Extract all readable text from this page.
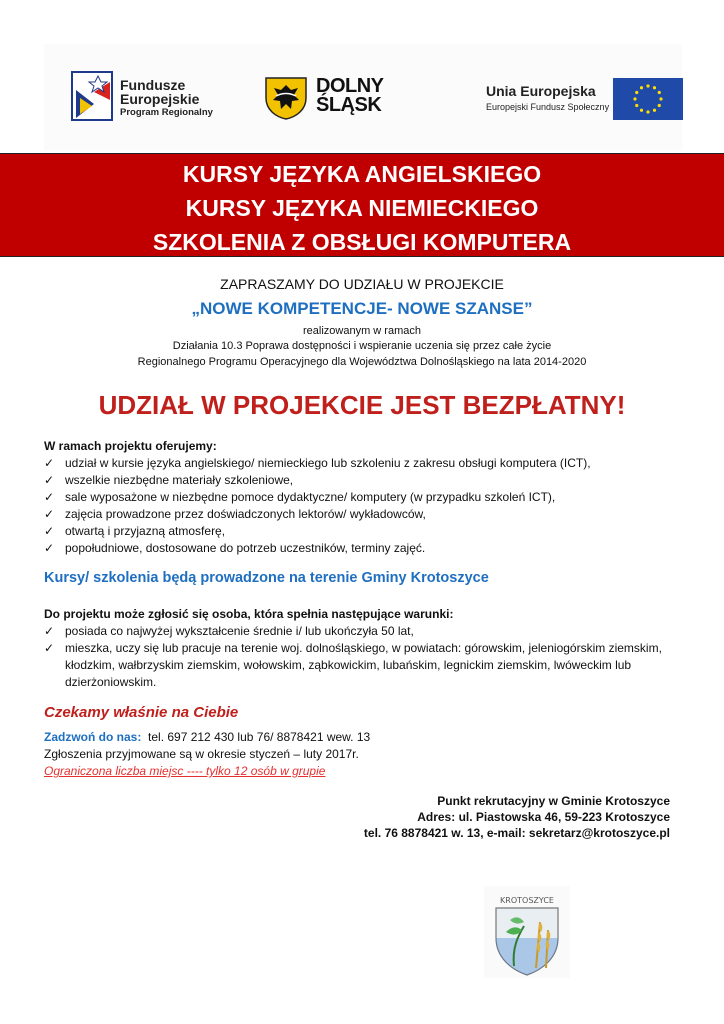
Fundusze
Europejskie
Program Regionalny
DOLNY
ŚLĄSK
Unia Europejska
Europejski Fundusz Społeczny
KURSY JĘZYKA ANGIELSKIEGO
KURSY JĘZYKA NIEMIECKIEGO
SZKOLENIA Z OBSŁUGI KOMPUTERA
ZAPRASZAMY DO UDZIAŁU W PROJEKCIE
„NOWE KOMPETENCJE- NOWE SZANSE”
realizowanym w ramach
Działania 10.3 Poprawa dostępności i wspieranie uczenia się przez całe życie
Regionalnego Programu Operacyjnego dla Województwa Dolnośląskiego na lata 2014-2020
UDZIAŁ W PROJEKCIE JEST BEZPŁATNY!
W ramach projektu oferujemy:
✓ udział w kursie języka angielskiego/ niemieckiego lub szkoleniu z zakresu obsługi komputera (ICT),
✓ wszelkie niezbędne materiały szkoleniowe,
✓ sale wyposażone w niezbędne pomoce dydaktyczne/ komputery (w przypadku szkoleń ICT),
✓ zajęcia prowadzone przez doświadczonych lektorów/ wykładowców,
✓ otwartą i przyjazną atmosferę,
✓ popołudniowe, dostosowane do potrzeb uczestników, terminy zajęć.
Kursy/ szkolenia będą prowadzone na terenie Gminy Krotoszyce
Do projektu może zgłosić się osoba, która spełnia następujące warunki:
✓ posiada co najwyżej wykształcenie średnie i/ lub ukończyła 50 lat,
✓ mieszka, uczy się lub pracuje na terenie woj. dolnośląskiego, w powiatach: górowskim, jeleniogórskim ziemskim, kłodzkim, wałbrzyskim ziemskim, wołowskim, ząbkowickim, lubańskim, legnickim ziemskim, lwóweckim lub dzierżoniowskim.
Czekamy właśnie na Ciebie
Zadzwoń do nas: tel. 697 212 430 lub 76/ 8878421 wew. 13
Zgłoszenia przyjmowane są w okresie styczeń – luty 2017r.
Ograniczona liczba miejsc ---- tylko 12 osób w grupie
Punkt rekrutacyjny w Gminie Krotoszyce
Adres: ul. Piastowska 46, 59-223 Krotoszyce
tel. 76 8878421 w. 13, e-mail: sekretarz@krotoszyce.pl
KROTOSZYCE
